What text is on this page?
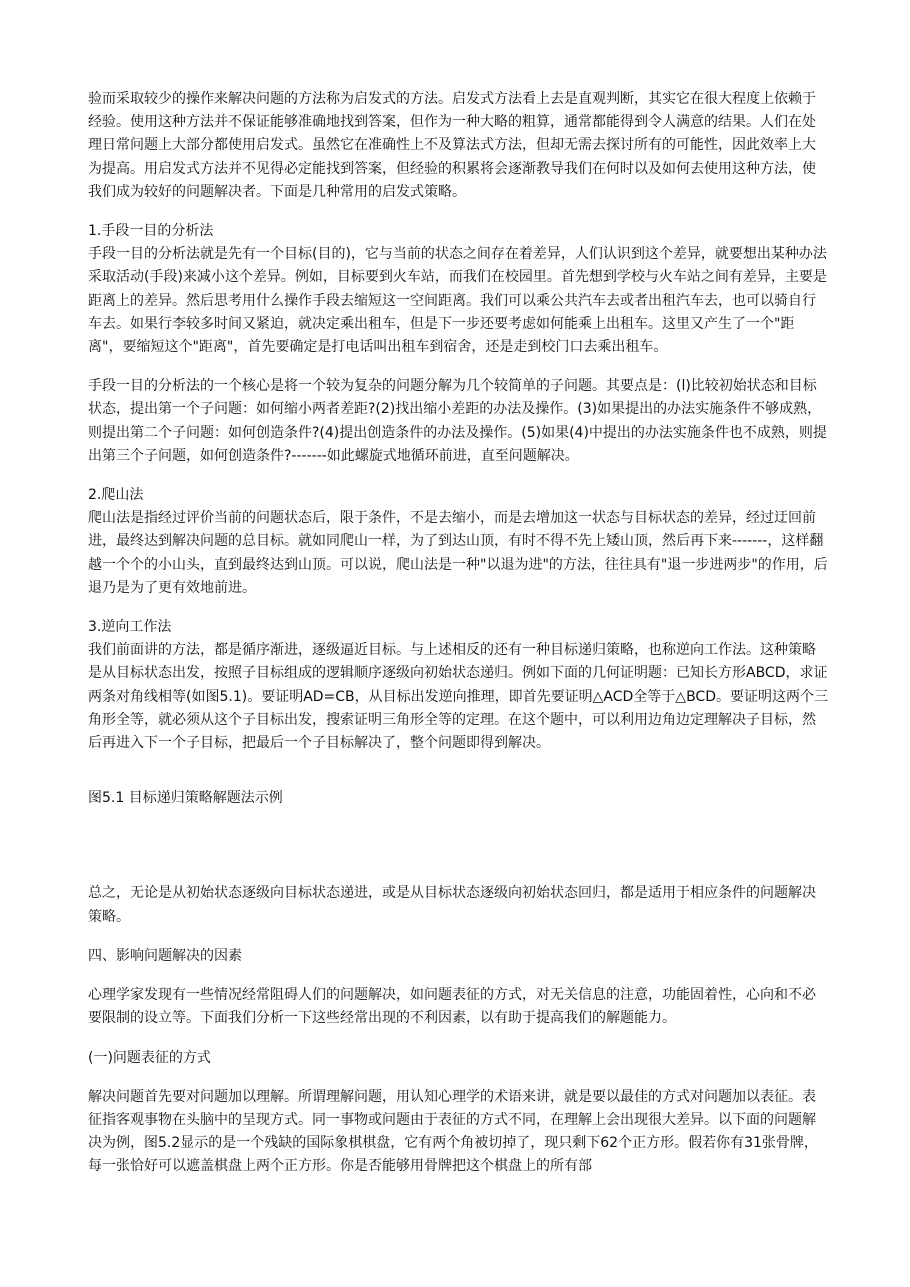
验而采取较少的操作来解决问题的方法称为启发式的方法。启发式方法看上去是直观判断，其实它在很大程度上依赖于经验。使用这种方法并不保证能够准确地找到答案，但作为一种大略的粗算，通常都能得到令人满意的结果。人们在处理日常问题上大部分都使用启发式。虽然它在准确性上不及算法式方法，但却无需去探讨所有的可能性，因此效率上大为提高。用启发式方法并不见得必定能找到答案，但经验的积累将会逐渐教导我们在何时以及如何去使用这种方法，使我们成为较好的问题解决者。下面是几种常用的启发式策略。

1.手段一目的分析法

手段一目的分析法就是先有一个目标(目的)，它与当前的状态之间存在着差异，人们认识到这个差异，就要想出某种办法采取活动(手段)来减小这个差异。例如，目标要到火车站，而我们在校园里。首先想到学校与火车站之间有差异，主要是距离上的差异。然后思考用什么操作手段去缩短这一空间距离。我们可以乘公共汽车去或者出租汽车去，也可以骑自行车去。如果行李较多时间又紧迫，就决定乘出租车，但是下一步还要考虑如何能乘上出租车。这里又产生了一个"距离"，要缩短这个"距离"，首先要确定是打电话叫出租车到宿舍，还是走到校门口去乘出租车。

手段一目的分析法的一个核心是将一个较为复杂的问题分解为几个较简单的子问题。其要点是：(l)比较初始状态和目标状态，提出第一个子问题：如何缩小两者差距?(2)找出缩小差距的办法及操作。(3)如果提出的办法实施条件不够成熟，则提出第二个子问题：如何创造条件?(4)提出创造条件的办法及操作。(5)如果(4)中提出的办法实施条件也不成熟，则提出第三个子问题，如何创造条件?-------如此螺旋式地循环前进，直至问题解决。

2.爬山法

爬山法是指经过评价当前的问题状态后，限于条件，不是去缩小，而是去增加这一状态与目标状态的差异，经过迂回前进，最终达到解决问题的总目标。就如同爬山一样，为了到达山顶，有时不得不先上矮山顶，然后再下来-------，这样翻越一个个的小山头，直到最终达到山顶。可以说，爬山法是一种"以退为进"的方法，往往具有"退一步进两步"的作用，后退乃是为了更有效地前进。

3.逆向工作法

我们前面讲的方法，都是循序渐进，逐级逼近目标。与上述相反的还有一种目标递归策略，也称逆向工作法。这种策略是从目标状态出发，按照子目标组成的逻辑顺序逐级向初始状态递归。例如下面的几何证明题：已知长方形ABCD，求证两条对角线相等(如图5.1)。要证明AD=CB，从目标出发逆向推理，即首先要证明△ACD全等于△BCD。要证明这两个三角形全等，就必须从这个子目标出发，搜索证明三角形全等的定理。在这个题中，可以利用边角边定理解决子目标，然后再进入下一个子目标，把最后一个子目标解决了，整个问题即得到解决。

图5.1 目标递归策略解题法示例

总之，无论是从初始状态逐级向目标状态递进，或是从目标状态逐级向初始状态回归，都是适用于相应条件的问题解决策略。

四、影响问题解决的因素

心理学家发现有一些情况经常阻碍人们的问题解决，如问题表征的方式，对无关信息的注意，功能固着性，心向和不必要限制的设立等。下面我们分析一下这些经常出现的不利因素，以有助于提高我们的解题能力。

(一)问题表征的方式

解决问题首先要对问题加以理解。所谓理解问题，用认知心理学的术语来讲，就是要以最佳的方式对问题加以表征。表征指客观事物在头脑中的呈现方式。同一事物或问题由于表征的方式不同，在理解上会出现很大差异。以下面的问题解决为例，图5.2显示的是一个残缺的国际象棋棋盘，它有两个角被切掉了，现只剩下62个正方形。假若你有31张骨牌，每一张恰好可以遮盖棋盘上两个正方形。你是否能够用骨牌把这个棋盘上的所有部
